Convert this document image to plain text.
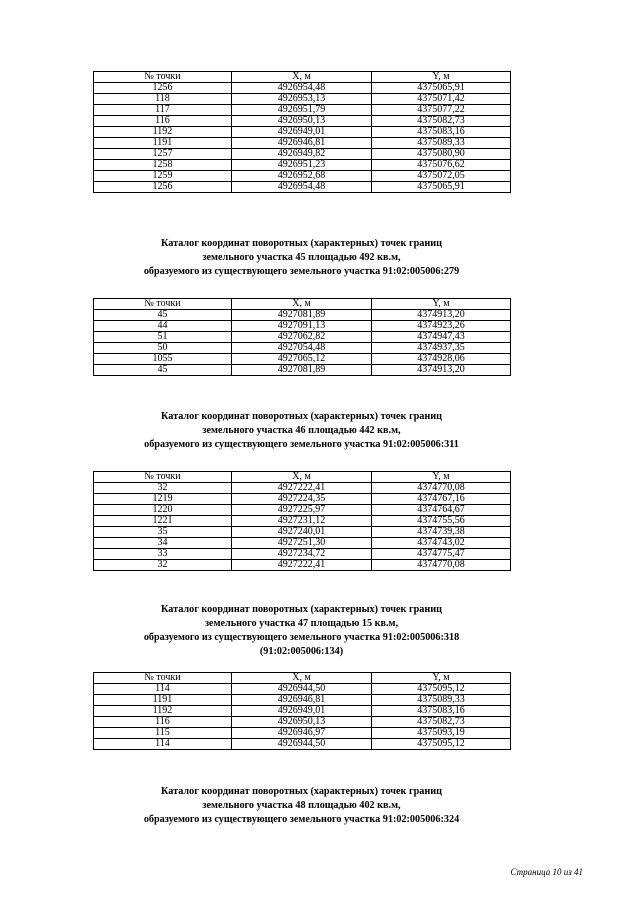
№ точки	X, м	Y, м
1256	4926954,48	4375065,91
118	4926953,13	4375071,42
117	4926951,79	4375077,22
116	4926950,13	4375082,73
1192	4926949,01	4375083,16
1191	4926946,81	4375089,33
1257	4926949,82	4375080,90
1258	4926951,23	4375076,62
1259	4926952,68	4375072,05
1256	4926954,48	4375065,91
Каталог координат поворотных (характерных) точек границ
земельного участка 45 площадью 492 кв.м,
образуемого из существующего земельного участка 91:02:005006:279
№ точки	X, м	Y, м
45	4927081,89	4374913,20
44	4927091,13	4374923,26
51	4927062,82	4374947,43
50	4927054,48	4374937,35
1055	4927065,12	4374928,06
45	4927081,89	4374913,20
Каталог координат поворотных (характерных) точек границ
земельного участка 46 площадью 442 кв.м,
образуемого из существующего земельного участка 91:02:005006:311
№ точки	X, м	Y, м
32	4927222,41	4374770,08
1219	4927224,35	4374767,16
1220	4927225,97	4374764,67
1221	4927231,12	4374755,56
35	4927240,01	4374739,38
34	4927251,30	4374743,02
33	4927234,72	4374775,47
32	4927222,41	4374770,08
Каталог координат поворотных (характерных) точек границ
земельного участка 47 площадью 15 кв.м,
образуемого из существующего земельного участка 91:02:005006:318
(91:02:005006:134)
№ точки	X, м	Y, м
114	4926944,50	4375095,12
1191	4926946,81	4375089,33
1192	4926949,01	4375083,16
116	4926950,13	4375082,73
115	4926946,97	4375093,19
114	4926944,50	4375095,12
Каталог координат поворотных (характерных) точек границ
земельного участка 48 площадью 402 кв.м,
образуемого из существующего земельного участка 91:02:005006:324
Страница 10 из 41
